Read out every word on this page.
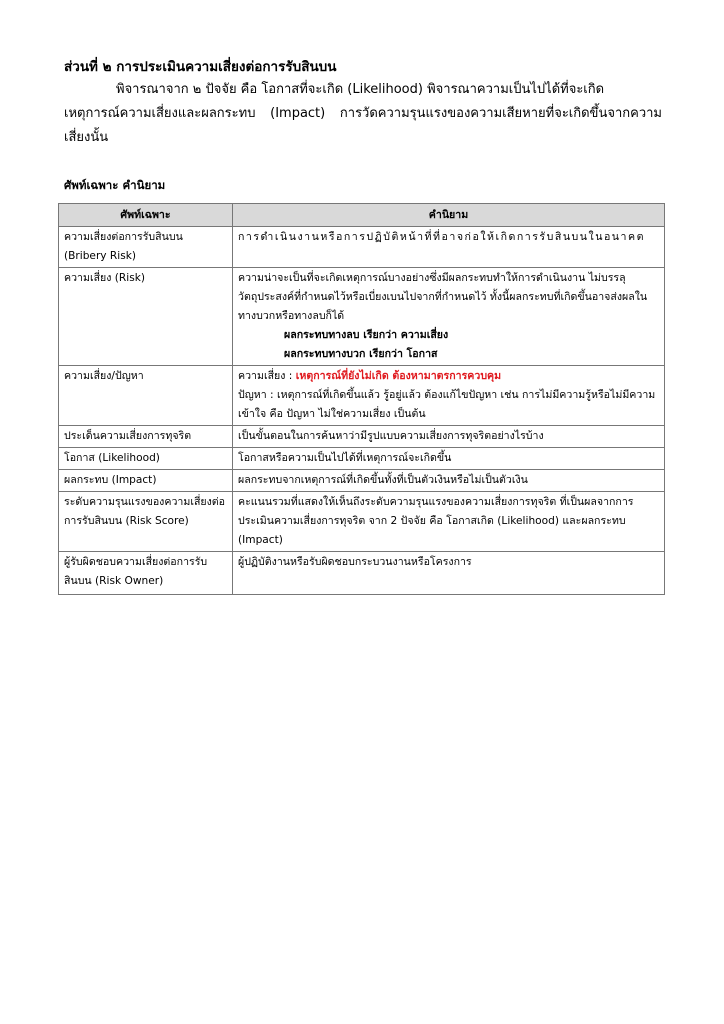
ส่วนที่ ๒ การประเมินความเสี่ยงต่อการรับสินบน
พิจารณาจาก ๒ ปัจจัย คือ โอกาสที่จะเกิด (Likelihood) พิจารณาความเป็นไปได้ที่จะเกิด
เหตุการณ์ความเสี่ยงและผลกระทบ (Impact) การวัดความรุนแรงของความเสียหายที่จะเกิดขึ้นจากความเสี่ยงนั้น
ศัพท์เฉพาะ คำนิยาม
ศัพท์เฉพาะ	คำนิยาม
ความเสี่ยงต่อการรับสินบน (Bribery Risk)	การดำเนินงานหรือการปฏิบัติหน้าที่ที่อาจก่อให้เกิดการรับสินบนในอนาคต
ความเสี่ยง (Risk)	ความน่าจะเป็นที่จะเกิดเหตุการณ์บางอย่างซึ่งมีผลกระทบทำให้การดำเนินงาน ไม่บรรลุวัตถุประสงค์ที่กำหนดไว้หรือเบี่ยงเบนไปจากที่กำหนดไว้ ทั้งนี้ผลกระทบที่เกิดขึ้นอาจส่งผลในทางบวกหรือทางลบก็ได้
ผลกระทบทางลบ เรียกว่า ความเสี่ยง
ผลกระทบทางบวก เรียกว่า โอกาส

ความเสี่ยง/ปัญหา	ความเสี่ยง : เหตุการณ์ที่ยังไม่เกิด ต้องหามาตรการควบคุม
ปัญหา : เหตุการณ์ที่เกิดขึ้นแล้ว รู้อยู่แล้ว ต้องแก้ไขปัญหา เช่น การไม่มีความรู้หรือไม่มีความเข้าใจ คือ ปัญหา ไม่ใช่ความเสี่ยง เป็นต้น

ประเด็นความเสี่ยงการทุจริต	เป็นขั้นตอนในการค้นหาว่ามีรูปแบบความเสี่ยงการทุจริตอย่างไรบ้าง
โอกาส (Likelihood)	โอกาสหรือความเป็นไปได้ที่เหตุการณ์จะเกิดขึ้น
ผลกระทบ (Impact)	ผลกระทบจากเหตุการณ์ที่เกิดขึ้นทั้งที่เป็นตัวเงินหรือไม่เป็นตัวเงิน
ระดับความรุนแรงของความเสี่ยงต่อการรับสินบน (Risk Score)	คะแนนรวมที่แสดงให้เห็นถึงระดับความรุนแรงของความเสี่ยงการทุจริต ที่เป็นผลจากการประเมินความเสี่ยงการทุจริต จาก 2 ปัจจัย คือ โอกาสเกิด (Likelihood) และผลกระทบ (Impact)
ผู้รับผิดชอบความเสี่ยงต่อการรับสินบน (Risk Owner)	ผู้ปฏิบัติงานหรือรับผิดชอบกระบวนงานหรือโครงการ
